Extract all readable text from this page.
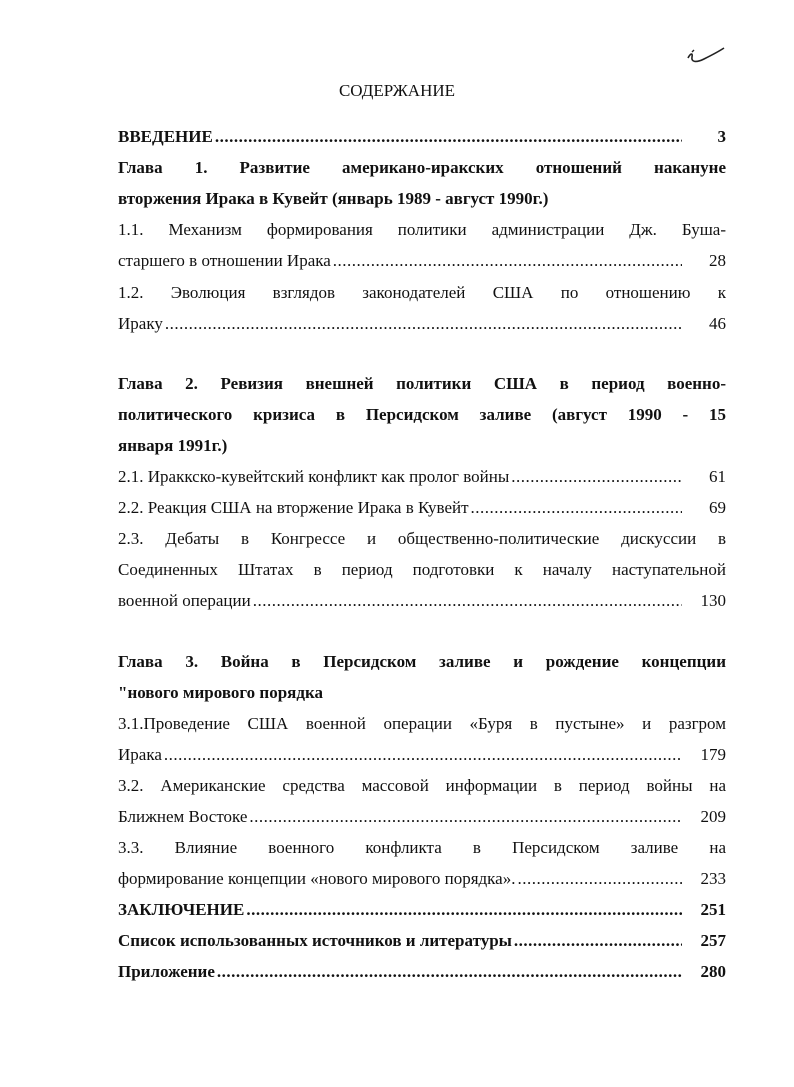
СОДЕРЖАНИЕ
ВВЕДЕНИЕ .....	3
Глава 1. Развитие американо-иракских отношений накануне
вторжения Ирака в Кувейт (январь 1989 - август 1990г.)
1.1. Механизм формирования политики администрации Дж. Буша-
старшего в отношении Ирака .....	28
1.2. Эволюция взглядов законодателей США по отношению к
Ираку .....	46
Глава 2. Ревизия внешней политики США в период военно-
политического кризиса в Персидском заливе (август 1990 - 15
января 1991г.)
2.1. Ираккско-кувейтский конфликт как пролог войны .....	61
2.2. Реакция США на вторжение Ирака в Кувейт .....	69
2.3. Дебаты в Конгрессе и общественно-политические дискуссии в
Соединенных Штатах в период подготовки к началу наступательной
военной операции .....	130
Глава 3. Война в Персидском заливе и рождение концепции
"нового мирового порядка
3.1.Проведение США военной операции «Буря в пустыне» и разгром
Ирака .....	179
3.2. Американские средства массовой информации в период войны на
Ближнем Востоке .....	209
3.3. Влияние военного конфликта в Персидском заливе на
формирование концепции «нового мирового порядка». .....	233
ЗАКЛЮЧЕНИЕ .....	251
Список использованных источников и литературы .....	257
Приложение .....	280
